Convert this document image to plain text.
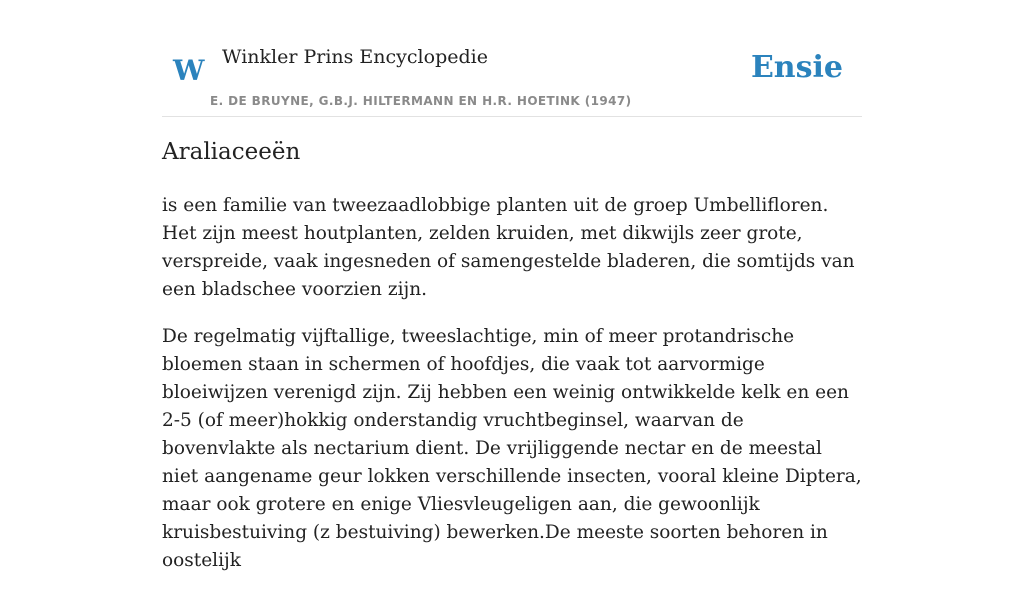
W Winkler Prins Encyclopedie
E. DE BRUYNE, G.B.J. HILTERMANN EN H.R. HOETINK (1947)
Ensie
Araliaceeën

is een familie van tweezaadlobbige planten uit de groep Umbellifloren. Het zijn meest houtplanten, zelden kruiden, met dikwijls zeer grote, verspreide, vaak ingesneden of samengestelde bladeren, die somtijds van een bladschee voorzien zijn.

De regelmatig vijftallige, tweeslachtige, min of meer protandrische bloemen staan in schermen of hoofdjes, die vaak tot aarvormige bloeiwijzen verenigd zijn. Zij hebben een weinig ontwikkelde kelk en een 2-5 (of meer)hokkig onderstandig vruchtbeginsel, waarvan de bovenvlakte als nectarium dient. De vrijliggende nectar en de meestal niet aangename geur lokken verschillende insecten, vooral kleine Diptera, maar ook grotere en enige Vliesvleugeligen aan, die gewoonlijk kruisbestuiving (z bestuiving) bewerken.De meeste soorten behoren in oostelijk
